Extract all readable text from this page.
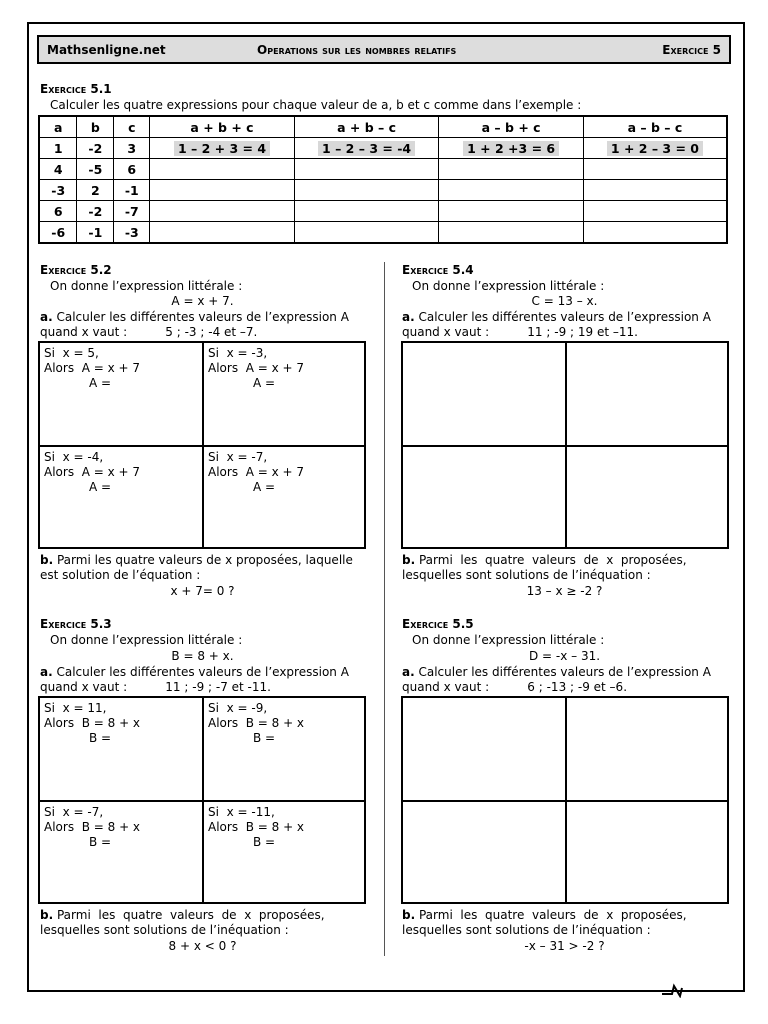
Mathsenligne.net	Operations sur les nombres relatifs	Exercice 5
Exercice 5.1
Calculer les quatre expressions pour chaque valeur de a, b et c comme dans l’exemple :
a	b	c	a + b + c	a + b – c	a – b + c	a – b – c
1	-2	3	1 – 2 + 3 = 4	1 – 2 – 3 = -4	1 + 2 +3 = 6	1 + 2 – 3 = 0
4	-5	6				
-3	2	-1				
6	-2	-7				
-6	-1	-3				
Exercice 5.2
On donne l’expression littérale :
A = x + 7.
a. Calculer les différentes valeurs de l’expression A
quand x vaut :          5 ; -3 ; -4 et –7.
Si  x = 5,
Alors  A = x + 7
A =
Si  x = -3,
Alors  A = x + 7
A =
Si  x = -4,
Alors  A = x + 7
A =
Si  x = -7,
Alors  A = x + 7
A =
b. Parmi les quatre valeurs de x proposées, laquelle
est solution de l’équation :
x + 7= 0 ?
Exercice 5.3
On donne l’expression littérale :
B = 8 + x.
a. Calculer les différentes valeurs de l’expression A
quand x vaut :          11 ; -9 ; -7 et -11.
Si  x = 11,
Alors  B = 8 + x
B =
Si  x = -9,
Alors  B = 8 + x
B =
Si  x = -7,
Alors  B = 8 + x
B =
Si  x = -11,
Alors  B = 8 + x
B =
b. Parmi  les  quatre  valeurs  de  x  proposées,
lesquelles sont solutions de l’inéquation :
8 + x < 0 ?
Exercice 5.4
On donne l’expression littérale :
C = 13 – x.
a. Calculer les différentes valeurs de l’expression A
quand x vaut :          11 ; -9 ; 19 et –11.
b. Parmi  les  quatre  valeurs  de  x  proposées,
lesquelles sont solutions de l’inéquation :
13 – x ≥ -2 ?
Exercice 5.5
On donne l’expression littérale :
D = -x – 31.
a. Calculer les différentes valeurs de l’expression A
quand x vaut :          6 ; -13 ; -9 et –6.
b. Parmi  les  quatre  valeurs  de  x  proposées,
lesquelles sont solutions de l’inéquation :
-x – 31 > -2 ?
